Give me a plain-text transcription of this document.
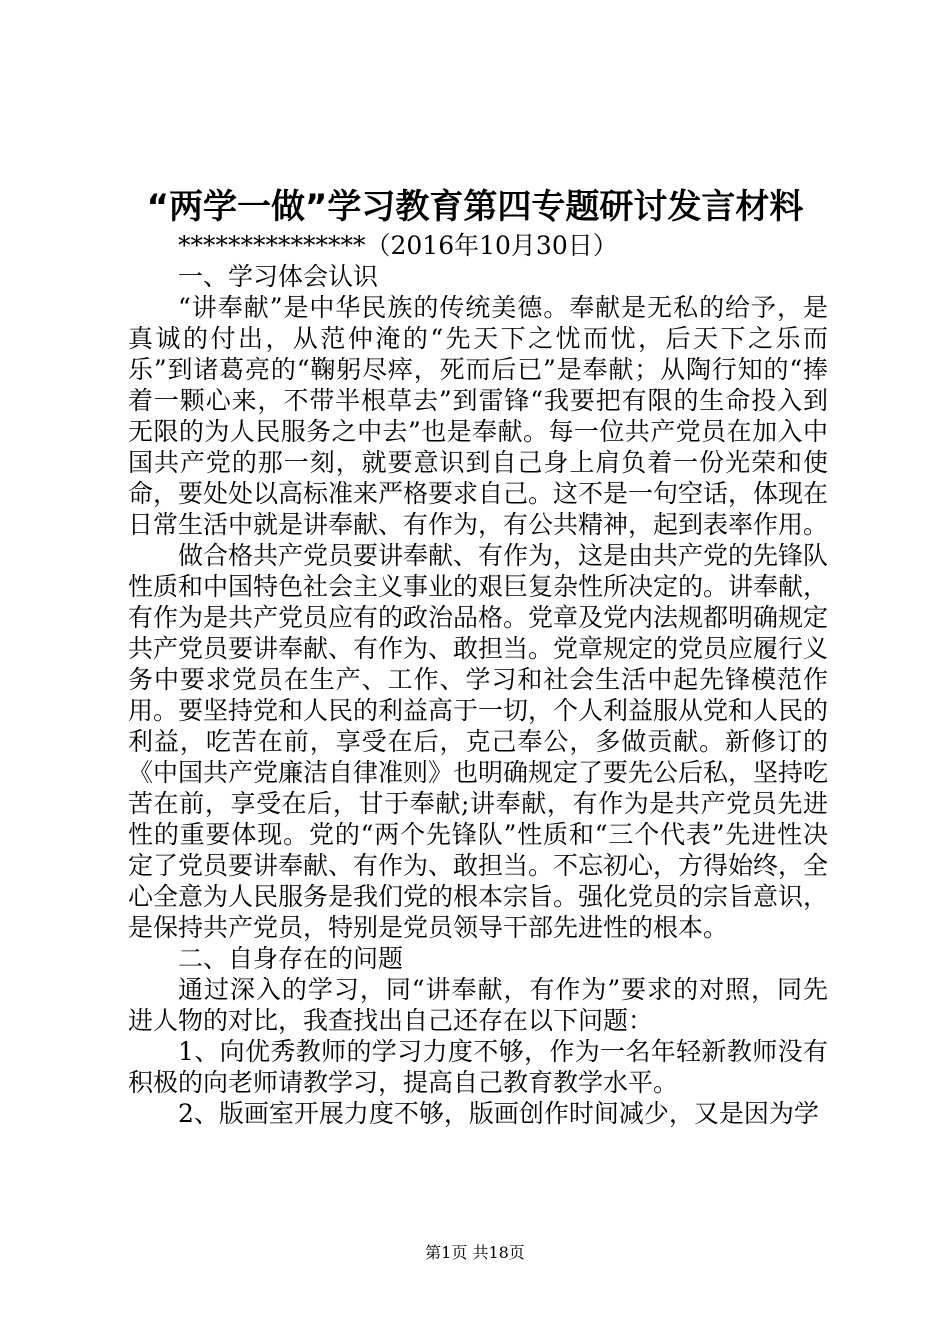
“两学一做”学习教育第四专题研讨发言材料

***************（2016年10月30日）

一、学习体会认识

“讲奉献”是中华民族的传统美德。奉献是无私的给予，是真诚的付出，从范仲淹的“先天下之忧而忧，后天下之乐而乐”到诸葛亮的“鞠躬尽瘁，死而后已”是奉献；从陶行知的“捧着一颗心来，不带半根草去”到雷锋“我要把有限的生命投入到无限的为人民服务之中去”也是奉献。每一位共产党员在加入中国共产党的那一刻，就要意识到自己身上肩负着一份光荣和使命，要处处以高标准来严格要求自己。这不是一句空话，体现在日常生活中就是讲奉献、有作为，有公共精神，起到表率作用。

做合格共产党员要讲奉献、有作为，这是由共产党的先锋队性质和中国特色社会主义事业的艰巨复杂性所决定的。讲奉献，有作为是共产党员应有的政治品格。党章及党内法规都明确规定共产党员要讲奉献、有作为、敢担当。党章规定的党员应履行义务中要求党员在生产、工作、学习和社会生活中起先锋模范作用。要坚持党和人民的利益高于一切，个人利益服从党和人民的利益，吃苦在前，享受在后，克己奉公，多做贡献。新修订的《中国共产党廉洁自律准则》也明确规定了要先公后私，坚持吃苦在前，享受在后，甘于奉献;讲奉献，有作为是共产党员先进性的重要体现。党的“两个先锋队”性质和“三个代表”先进性决定了党员要讲奉献、有作为、敢担当。不忘初心，方得始终，全心全意为人民服务是我们党的根本宗旨。强化党员的宗旨意识，是保持共产党员，特别是党员领导干部先进性的根本。

二、自身存在的问题

通过深入的学习，同“讲奉献，有作为”要求的对照，同先进人物的对比，我查找出自己还存在以下问题：

1、向优秀教师的学习力度不够，作为一名年轻新教师没有积极的向老师请教学习，提高自己教育教学水平。

2、版画室开展力度不够，版画创作时间减少，又是因为学

第1页 共18页
